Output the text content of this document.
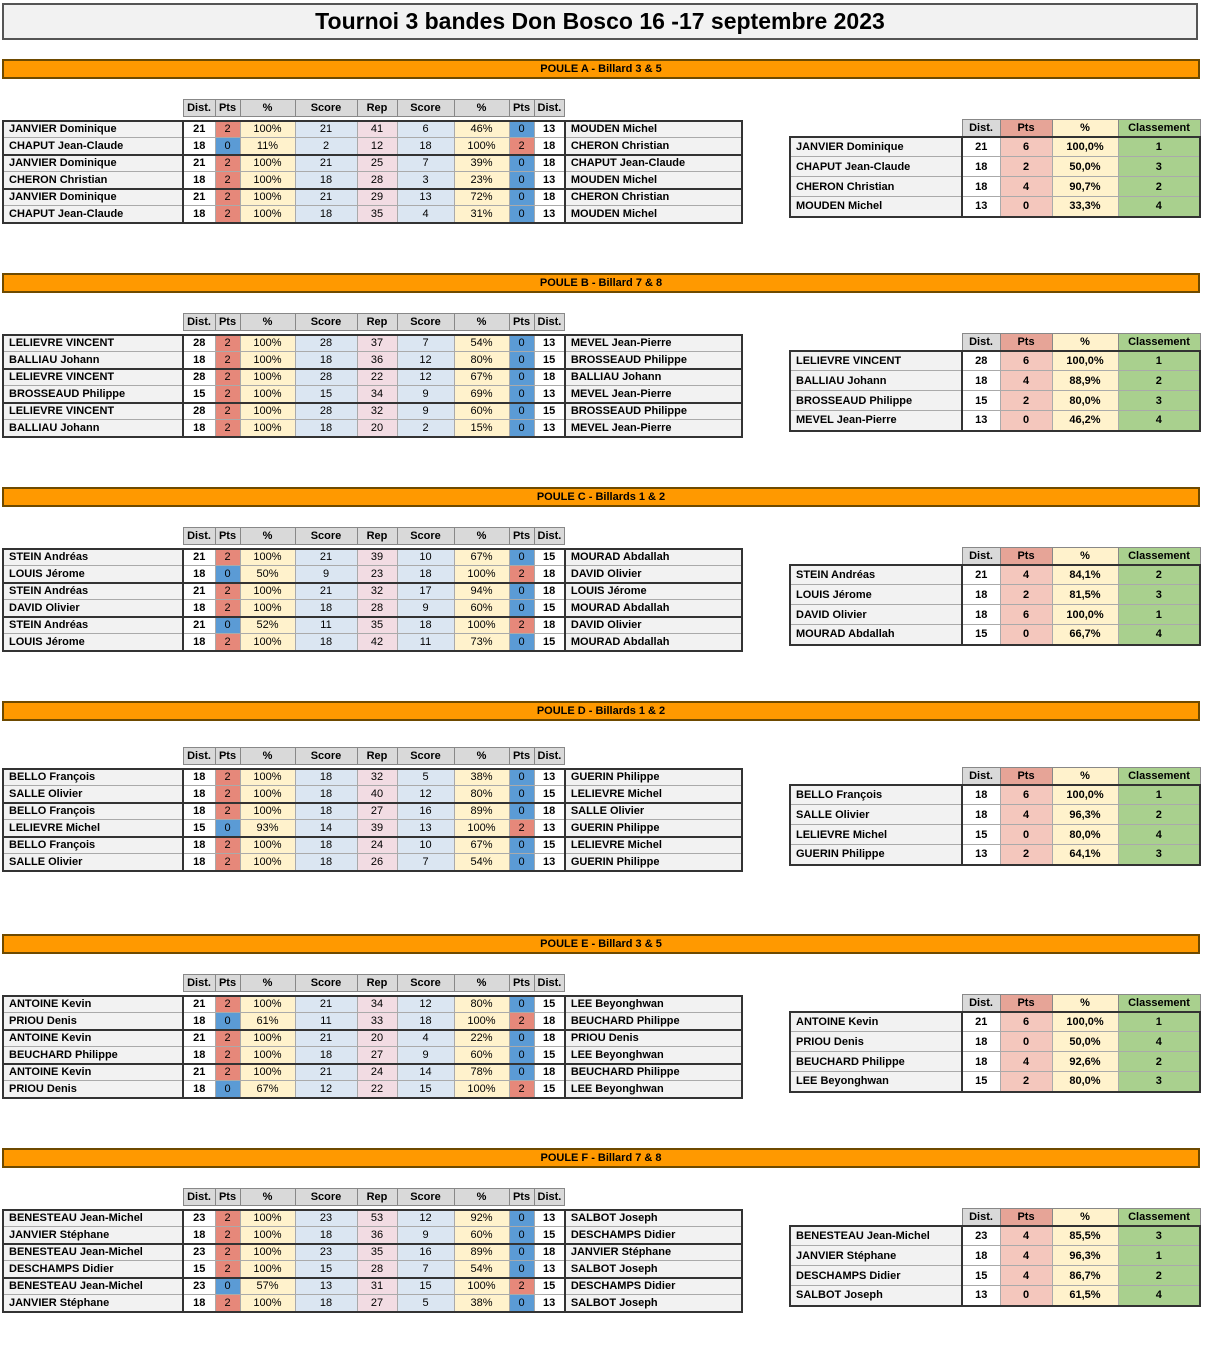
Tournoi 3 bandes Don Bosco 16 -17 septembre 2023
POULE A - Billard 3 & 5
	Dist.	Pts	%	Score	Rep	Score	%	Pts	Dist.	

JANVIER Dominique	21	2	100%	21	41	6	46%	0	13	MOUDEN Michel
CHAPUT Jean-Claude	18	0	11%	2	12	18	100%	2	18	CHERON Christian
JANVIER Dominique	21	2	100%	21	25	7	39%	0	18	CHAPUT Jean-Claude
CHERON Christian	18	2	100%	18	28	3	23%	0	13	MOUDEN Michel
JANVIER Dominique	21	2	100%	21	29	13	72%	0	18	CHERON Christian
CHAPUT Jean-Claude	18	2	100%	18	35	4	31%	0	13	MOUDEN Michel
	Dist.	Pts	%	Classement
JANVIER Dominique	21	6	100,0%	1
CHAPUT Jean-Claude	18	2	50,0%	3
CHERON Christian	18	4	90,7%	2
MOUDEN Michel	13	0	33,3%	4
POULE B - Billard 7 & 8
	Dist.	Pts	%	Score	Rep	Score	%	Pts	Dist.	

LELIEVRE VINCENT	28	2	100%	28	37	7	54%	0	13	MEVEL Jean-Pierre
BALLIAU Johann	18	2	100%	18	36	12	80%	0	15	BROSSEAUD Philippe
LELIEVRE VINCENT	28	2	100%	28	22	12	67%	0	18	BALLIAU Johann
BROSSEAUD Philippe	15	2	100%	15	34	9	69%	0	13	MEVEL Jean-Pierre
LELIEVRE VINCENT	28	2	100%	28	32	9	60%	0	15	BROSSEAUD Philippe
BALLIAU Johann	18	2	100%	18	20	2	15%	0	13	MEVEL Jean-Pierre
	Dist.	Pts	%	Classement
LELIEVRE VINCENT	28	6	100,0%	1
BALLIAU Johann	18	4	88,9%	2
BROSSEAUD Philippe	15	2	80,0%	3
MEVEL Jean-Pierre	13	0	46,2%	4
POULE C - Billards 1 & 2
	Dist.	Pts	%	Score	Rep	Score	%	Pts	Dist.	

STEIN Andréas	21	2	100%	21	39	10	67%	0	15	MOURAD Abdallah
LOUIS Jérome	18	0	50%	9	23	18	100%	2	18	DAVID Olivier
STEIN Andréas	21	2	100%	21	32	17	94%	0	18	LOUIS Jérome
DAVID Olivier	18	2	100%	18	28	9	60%	0	15	MOURAD Abdallah
STEIN Andréas	21	0	52%	11	35	18	100%	2	18	DAVID Olivier
LOUIS Jérome	18	2	100%	18	42	11	73%	0	15	MOURAD Abdallah
	Dist.	Pts	%	Classement
STEIN Andréas	21	4	84,1%	2
LOUIS Jérome	18	2	81,5%	3
DAVID Olivier	18	6	100,0%	1
MOURAD Abdallah	15	0	66,7%	4
POULE D - Billards 1 & 2
	Dist.	Pts	%	Score	Rep	Score	%	Pts	Dist.	

BELLO François	18	2	100%	18	32	5	38%	0	13	GUERIN Philippe
SALLE Olivier	18	2	100%	18	40	12	80%	0	15	LELIEVRE Michel
BELLO François	18	2	100%	18	27	16	89%	0	18	SALLE Olivier
LELIEVRE Michel	15	0	93%	14	39	13	100%	2	13	GUERIN Philippe
BELLO François	18	2	100%	18	24	10	67%	0	15	LELIEVRE Michel
SALLE Olivier	18	2	100%	18	26	7	54%	0	13	GUERIN Philippe
	Dist.	Pts	%	Classement
BELLO François	18	6	100,0%	1
SALLE Olivier	18	4	96,3%	2
LELIEVRE Michel	15	0	80,0%	4
GUERIN Philippe	13	2	64,1%	3
POULE E - Billard 3 & 5
	Dist.	Pts	%	Score	Rep	Score	%	Pts	Dist.	

ANTOINE Kevin	21	2	100%	21	34	12	80%	0	15	LEE Beyonghwan
PRIOU Denis	18	0	61%	11	33	18	100%	2	18	BEUCHARD Philippe
ANTOINE Kevin	21	2	100%	21	20	4	22%	0	18	PRIOU Denis
BEUCHARD Philippe	18	2	100%	18	27	9	60%	0	15	LEE Beyonghwan
ANTOINE Kevin	21	2	100%	21	24	14	78%	0	18	BEUCHARD Philippe
PRIOU Denis	18	0	67%	12	22	15	100%	2	15	LEE Beyonghwan
	Dist.	Pts	%	Classement
ANTOINE Kevin	21	6	100,0%	1
PRIOU Denis	18	0	50,0%	4
BEUCHARD Philippe	18	4	92,6%	2
LEE Beyonghwan	15	2	80,0%	3
POULE F - Billard 7 & 8
	Dist.	Pts	%	Score	Rep	Score	%	Pts	Dist.	

BENESTEAU Jean-Michel	23	2	100%	23	53	12	92%	0	13	SALBOT Joseph
JANVIER Stéphane	18	2	100%	18	36	9	60%	0	15	DESCHAMPS Didier
BENESTEAU Jean-Michel	23	2	100%	23	35	16	89%	0	18	JANVIER Stéphane
DESCHAMPS Didier	15	2	100%	15	28	7	54%	0	13	SALBOT Joseph
BENESTEAU Jean-Michel	23	0	57%	13	31	15	100%	2	15	DESCHAMPS Didier
JANVIER Stéphane	18	2	100%	18	27	5	38%	0	13	SALBOT Joseph
	Dist.	Pts	%	Classement
BENESTEAU Jean-Michel	23	4	85,5%	3
JANVIER Stéphane	18	4	96,3%	1
DESCHAMPS Didier	15	4	86,7%	2
SALBOT Joseph	13	0	61,5%	4
